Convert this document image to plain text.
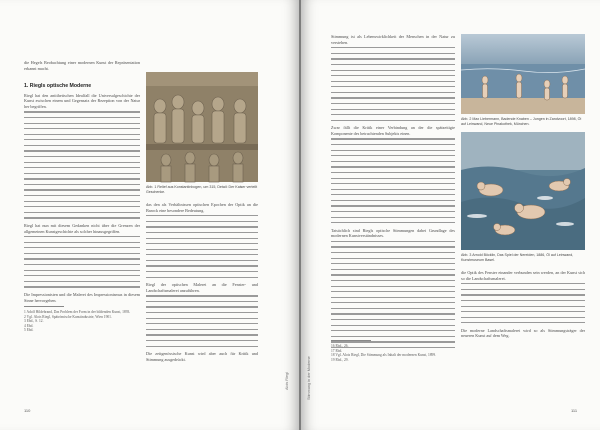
die Hegels Beobachtung einer modernen Kunst der Repräsentation erkannt macht.

1. Riegls optische Moderne

Riegl hat den antithetischen Idealfall die Universalgeschichte der Kunst zwischen einem und Gegensatz der Rezeption von der Natur her begriffen.

Riegl hat nun mit diesem Gedanken nicht über die Grenzen der allgemeinen Kunstgeschichte als solcher hinausgegriffen.

Die Impressionisten und die Malerei des Impressionismus in diesem Sinne hervorgehen.

Abb. 1 Relief aus Konstantinbogen, um 315, Detail: Der Kaiser verteilt Geschenke.

das den als Verhältnissen optischen Epochen der Optik an die Barock eine besondere Bedeutung.

Riegl der optischen Malerei an die Fenster- und Landschaftsmalerei anzuführen.

Die zeitgenössische Kunst wird aber auch für Kritik und Stimmung ausgedrückt.

1 Adolf Hildebrand, Das Problem der Form in der bildenden Kunst, 1893.
2 Vgl. Alois Riegl, Spätrömische Kunstindustrie, Wien 1901.
3 Ebd., S. 12.
4 Ebd.
5 Ebd.
110
Alois Riegl	Stimmung in der Moderne

Stimmung ist als Lebenswirklichkeit der Menschen in der Natur zu verstehen.

Zwar fällt die Kritik einer Verbindung an der die spätzeitigte Komponente des betrachtenden Subjekts einen.

Tatsächlich sind Riegls optische Stimmungen dabei Grundlage des modernen Kunstverständnisses.

Abb. 2 Max Liebermann, Badende Knaben – Jungen in Zandvoort, 1898, Öl auf Leinwand, Neue Pinakothek, München.
Abb. 3 Arnold Böcklin, Das Spiel der Nereiden, 1886, Öl auf Leinwand, Kunstmuseum Basel.

die Optik des Fenster einander verbunden sein werden, an der Kunst sich so die Landschaftsmalerei.

Die moderne Landschaftsmalerei wird so als Stimmungsträger der neueren Kunst auf dem Weg.

16 Ebd., 26.
17 Ebd.
18 Vgl. Alois Riegl, Die Stimmung als Inhalt der modernen Kunst, 1899.
19 Ebd., 29.
111
